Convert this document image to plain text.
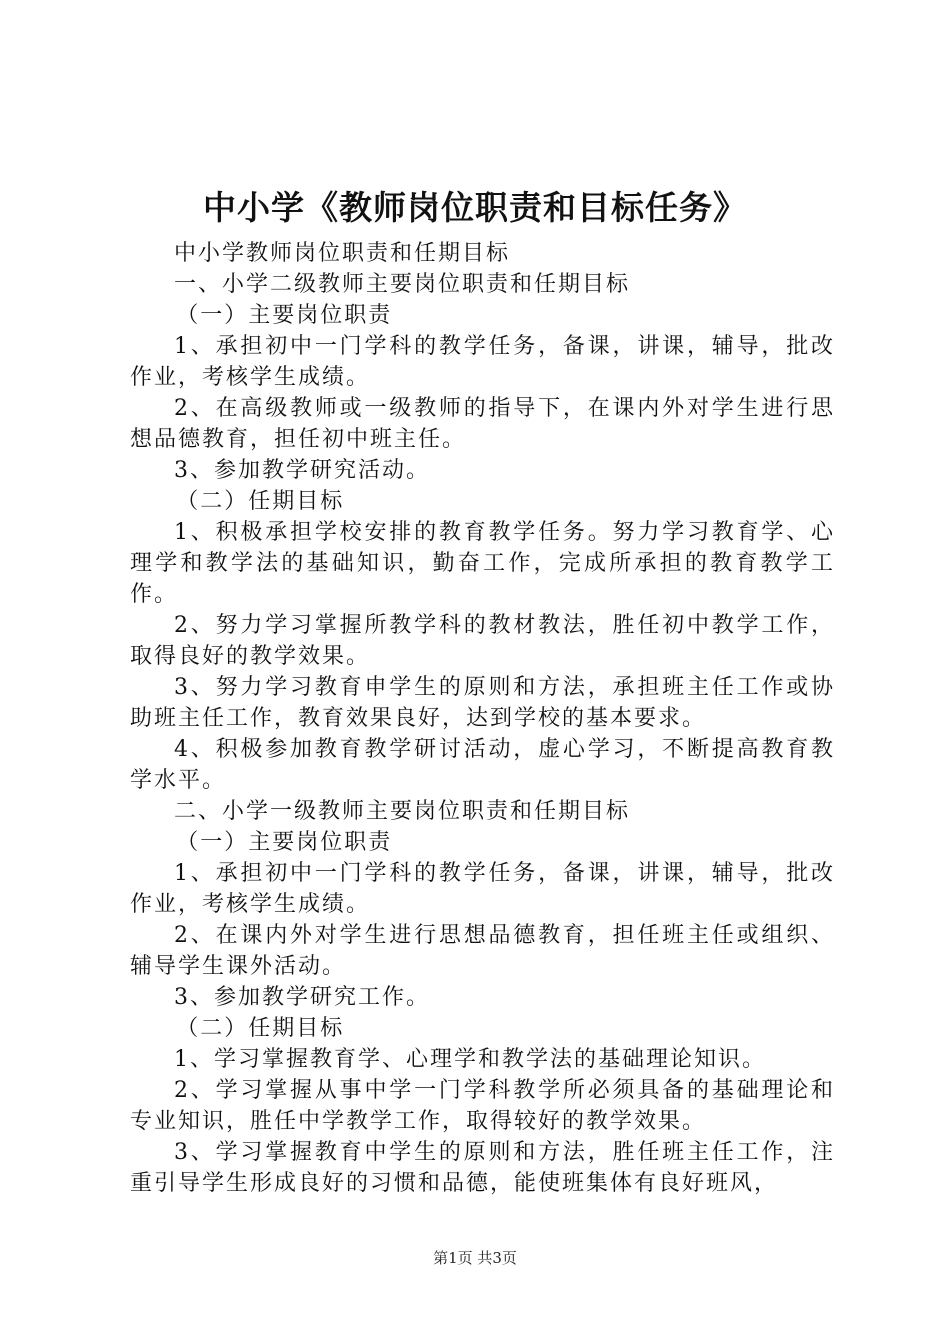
中小学《教师岗位职责和目标任务》

中小学教师岗位职责和任期目标

一、小学二级教师主要岗位职责和任期目标

（一）主要岗位职责

1、承担初中一门学科的教学任务，备课，讲课，辅导，批改作业，考核学生成绩。

2、在高级教师或一级教师的指导下，在课内外对学生进行思想品德教育，担任初中班主任。

3、参加教学研究活动。

（二）任期目标

1、积极承担学校安排的教育教学任务。努力学习教育学、心理学和教学法的基础知识，勤奋工作，完成所承担的教育教学工作。

2、努力学习掌握所教学科的教材教法，胜任初中教学工作，取得良好的教学效果。

3、努力学习教育申学生的原则和方法，承担班主任工作或协助班主任工作，教育效果良好，达到学校的基本要求。

4、积极参加教育教学研讨活动，虚心学习，不断提高教育教学水平。

二、小学一级教师主要岗位职责和任期目标

（一）主要岗位职责

1、承担初中一门学科的教学任务，备课，讲课，辅导，批改作业，考核学生成绩。

2、在课内外对学生进行思想品德教育，担任班主任或组织、辅导学生课外活动。

3、参加教学研究工作。

（二）任期目标

1、学习掌握教育学、心理学和教学法的基础理论知识。

2、学习掌握从事中学一门学科教学所必须具备的基础理论和专业知识，胜任中学教学工作，取得较好的教学效果。

3、学习掌握教育中学生的原则和方法，胜任班主任工作，注重引导学生形成良好的习惯和品德，能使班集体有良好班风，

第1页 共3页
